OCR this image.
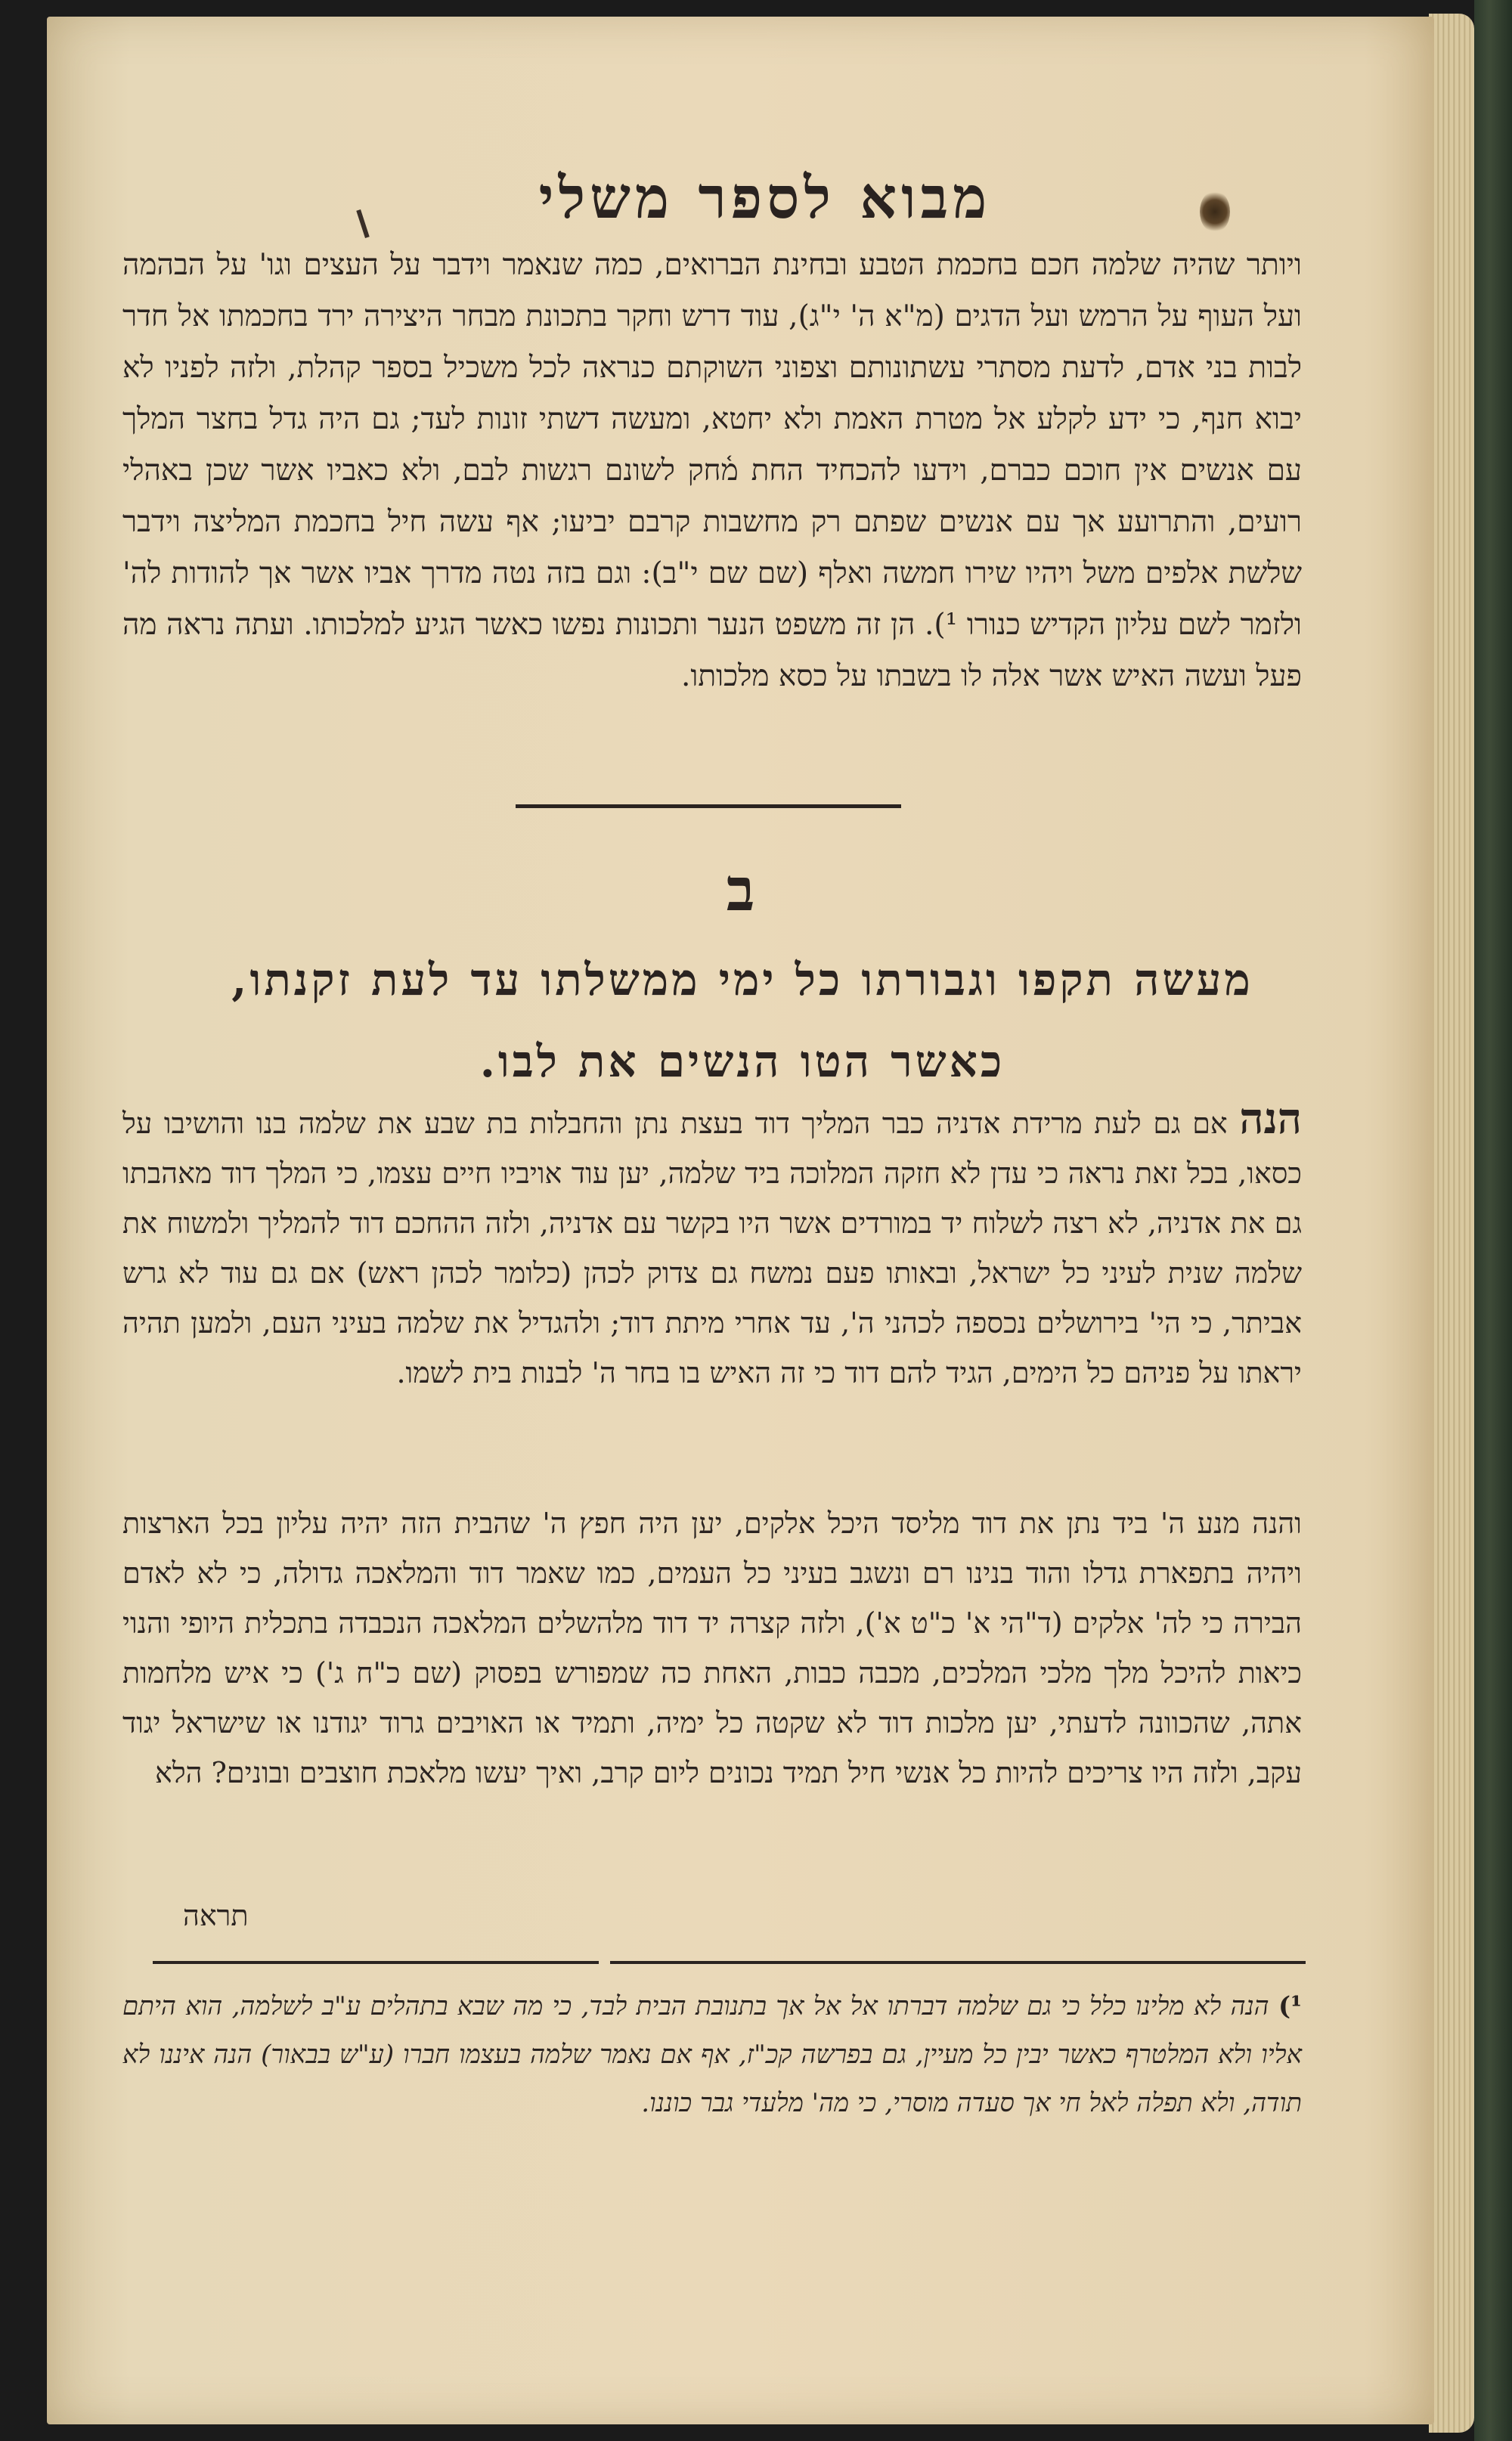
מבוא לספר משלי
ויותר שהיה שלמה חכם בחכמת הטבע ובחינת הברואים, כמה שנאמר וידבר על העצים וגו' על הבהמה ועל העוף על הרמש ועל הדגים (מ"א ה' י"ג), עוד דרש וחקר בתכונת מבחר היצירה ירד בחכמתו אל חדר לבות בני אדם, לדעת מסתרי עשתונותם וצפוני השוקתם כנראה לכל משכיל בספר קהלת, ולזה לפניו לא יבוא חנף, כי ידע לקלע אל מטרת האמת ולא יחטא, ומעשה דשתי זונות לעד; גם היה גדל בחצר המלך עם אנשים אין חוכם כברם, וידעו להכחיד החת מ֫חק לשונם רגשות לבם, ולא כאביו אשר שכן באהלי רועים, והתרועע אך עם אנשים שפתם רק מחשבות קרבם יביעו; אף עשה חיל בחכמת המליצה וידבר שלשת אלפים משל ויהיו שירו חמשה ואלף (שם שם י"ב): וגם בזה נטה מדרך אביו אשר אך להודות לה' ולזמר לשם עליון הקדיש כנורו ¹). הן זה משפט הנער ותכונות נפשו כאשר הגיע למלכותו. ועתה נראה מה פעל ועשה האיש אשר אלה לו בשבתו על כסא מלכותו.
ב
מעשה תקפו וגבורתו כל ימי ממשלתו עד לעת זקנתו, כאשר הטו הנשים את לבו.
הנה אם גם לעת מרידת אדניה כבר המליך דוד בעצת נתן והחבלות בת שבע את שלמה בנו והושיבו על כסאו, בכל זאת נראה כי עדן לא חזקה המלוכה ביד שלמה, יען עוד אויביו חיים עצמו, כי המלך דוד מאהבתו גם את אדניה, לא רצה לשלוח יד במורדים אשר היו בקשר עם אדניה, ולזה ההחכם דוד להמליך ולמשוח את שלמה שנית לעיני כל ישראל, ובאותו פעם נמשח גם צדוק לכהן (כלומר לכהן ראש) אם גם עוד לא גרש אביתר, כי הי' בירושלים נכספה לכהני ה', עד אחרי מיתת דוד; ולהגדיל את שלמה בעיני העם, ולמען תהיה יראתו על פניהם כל הימים, הגיד להם דוד כי זה האיש בו בחר ה' לבנות בית לשמו.
והנה מנע ה' ביד נתן את דוד מליסד היכל אלקים, יען היה חפץ ה' שהבית הזה יהיה עליון בכל הארצות ויהיה בתפארת גדלו והוד בנינו רם ונשגב בעיני כל העמים, כמו שאמר דוד והמלאכה גדולה, כי לא לאדם הבירה כי לה' אלקים (ד"הי א' כ"ט א'), ולזה קצרה יד דוד מלהשלים המלאכה הנכבדה בתכלית היופי והנוי כיאות להיכל מלך מלכי המלכים, מכבה כבות, האחת כה שמפורש בפסוק (שם כ"ח ג') כי איש מלחמות אתה, שהכוונה לדעתי, יען מלכות דוד לא שקטה כל ימיה, ותמיד או האויבים גרוד יגודנו או שישראל יגוד עקב, ולזה היו צריכים להיות כל אנשי חיל תמיד נכונים ליום קרב, ואיך יעשו מלאכת חוצבים ובונים? הלא
תראה
¹) הנה לא מלינו כלל כי גם שלמה דברתו אל אל אך בתנובת הבית לבד, כי מה שבא בתהלים ע"ב לשלמה, הוא היתם אליו ולא המלטרף כאשר יבין כל מעיין, גם בפרשה קכ"ז, אף אם נאמר שלמה בעצמו חברו (ע"ש בבאור) הנה איננו לא תודה, ולא תפלה לאל חי אך סעדה מוסרי, כי מה' מלעדי גבר כוננו.
